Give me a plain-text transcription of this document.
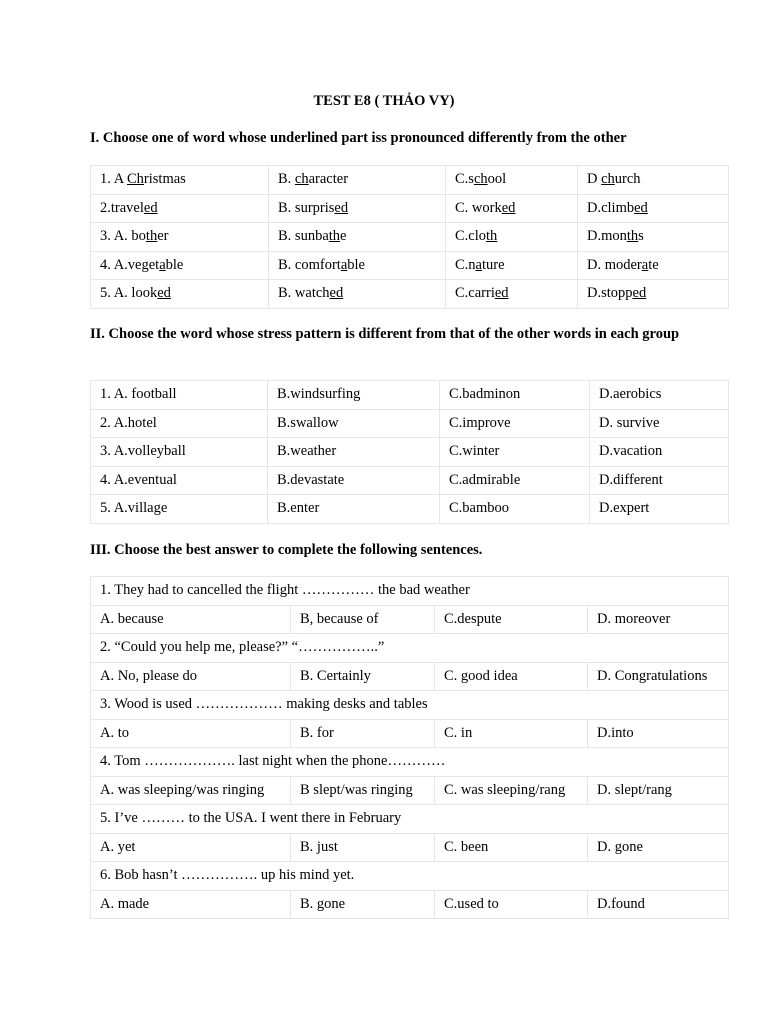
TEST E8 ( THẢO VY)
I. Choose one of word whose underlined part iss pronounced differently from the other
1. A Christmas	B. character	C.school	D church
2.traveled	B. surprised	C. worked	D.climbed
3. A. bother	B. sunbathe	C.cloth	D.months
4. A.vegetable	B. comfortable	C.nature	D. moderate
5. A. looked	B. watched	C.carried	D.stopped
II. Choose the word whose stress pattern is different from that of the other words in each group
1. A. football	B.windsurfing	C.badminon	D.aerobics
2. A.hotel	B.swallow	C.improve	D. survive
3. A.volleyball	B.weather	C.winter	D.vacation
4. A.eventual	B.devastate	C.admirable	D.different
5. A.village	B.enter	C.bamboo	D.expert
III. Choose the best answer to complete the following sentences.
1. They had to cancelled the flight …………… the bad weather			
A. because	B, because of	C.despute	D. moreover
2. “Could you help me, please?” “……………..”			
A. No, please do	B. Certainly	C. good idea	D. Congratulations
3. Wood is used ……………… making desks and tables			
A. to	B. for	C. in	D.into
4. Tom ………………. last night when the phone…………			
A. was sleeping/was ringing	B slept/was ringing	C. was sleeping/rang	D. slept/rang
5. I’ve ……… to the USA. I went there in February			
A. yet	B. just	C. been	D. gone
6. Bob hasn’t ……………. up his mind yet.			
A. made	B. gone	C.used to	D.found
